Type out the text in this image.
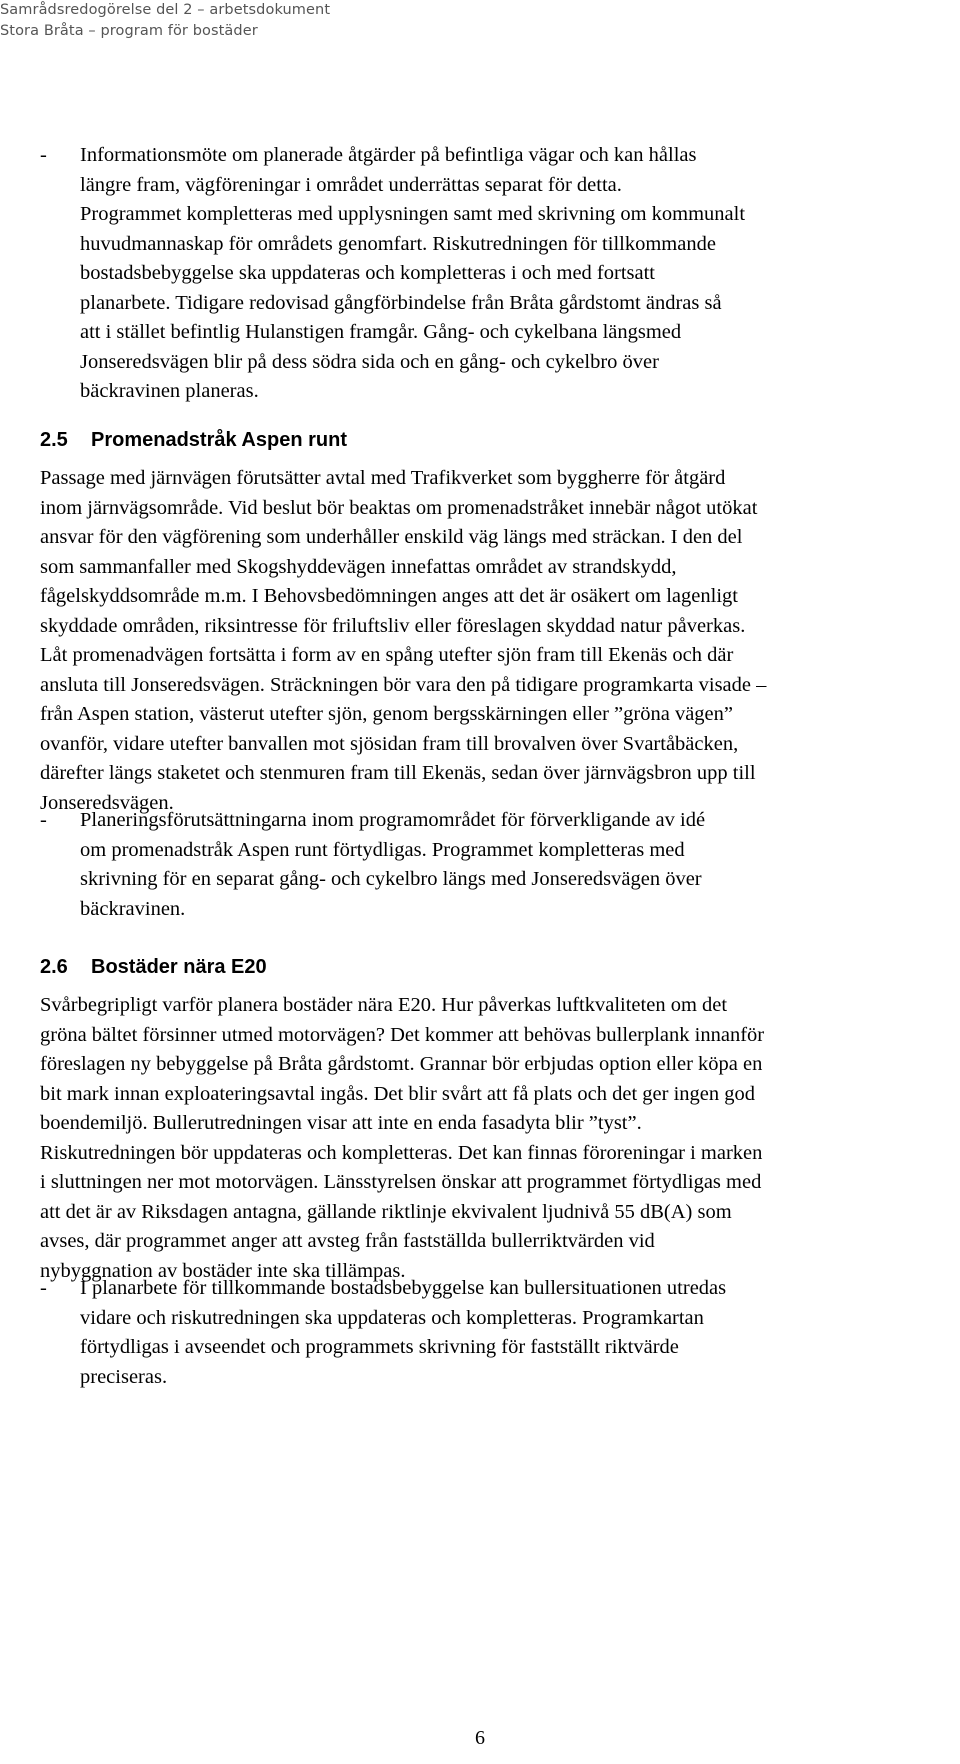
Samrådsredogörelse del 2 – arbetsdokument
Stora Bråta – program för bostäder
-	Informationsmöte om planerade åtgärder på befintliga vägar och kan hållas
längre fram, vägföreningar i området underrättas separat för detta.
Programmet kompletteras med upplysningen samt med skrivning om kommunalt
huvudmannaskap för områdets genomfart. Riskutredningen för tillkommande
bostadsbebyggelse ska uppdateras och kompletteras i och med fortsatt
planarbete. Tidigare redovisad gångförbindelse från Bråta gårdstomt ändras så
att i stället befintlig Hulanstigen framgår. Gång- och cykelbana längsmed
Jonseredsvägen blir på dess södra sida och en gång- och cykelbro över
bäckravinen planeras.
2.5 Promenadstråk Aspen runt
Passage med järnvägen förutsätter avtal med Trafikverket som byggherre för åtgärd
inom järnvägsområde. Vid beslut bör beaktas om promenadstråket innebär något utökat
ansvar för den vägförening som underhåller enskild väg längs med sträckan. I den del
som sammanfaller med Skogshyddevägen innefattas området av strandskydd,
fågelskyddsområde m.m. I Behovsbedömningen anges att det är osäkert om lagenligt
skyddade områden, riksintresse för friluftsliv eller föreslagen skyddad natur påverkas.
Låt promenadvägen fortsätta i form av en spång utefter sjön fram till Ekenäs och där
ansluta till Jonseredsvägen. Sträckningen bör vara den på tidigare programkarta visade –
från Aspen station, västerut utefter sjön, genom bergsskärningen eller ”gröna vägen”
ovanför, vidare utefter banvallen mot sjösidan fram till brovalven över Svartåbäcken,
därefter längs staketet och stenmuren fram till Ekenäs, sedan över järnvägsbron upp till
Jonseredsvägen.
-	Planeringsförutsättningarna inom programområdet för förverkligande av idé
om promenadstråk Aspen runt förtydligas. Programmet kompletteras med
skrivning för en separat gång- och cykelbro längs med Jonseredsvägen över
bäckravinen.
2.6 Bostäder nära E20
Svårbegripligt varför planera bostäder nära E20. Hur påverkas luftkvaliteten om det
gröna bältet försinner utmed motorvägen? Det kommer att behövas bullerplank innanför
föreslagen ny bebyggelse på Bråta gårdstomt. Grannar bör erbjudas option eller köpa en
bit mark innan exploateringsavtal ingås. Det blir svårt att få plats och det ger ingen god
boendemiljö. Bullerutredningen visar att inte en enda fasadyta blir ”tyst”.
Riskutredningen bör uppdateras och kompletteras. Det kan finnas föroreningar i marken
i sluttningen ner mot motorvägen. Länsstyrelsen önskar att programmet förtydligas med
att det är av Riksdagen antagna, gällande riktlinje ekvivalent ljudnivå 55 dB(A) som
avses, där programmet anger att avsteg från fastställda bullerriktvärden vid
nybyggnation av bostäder inte ska tillämpas.
-	I planarbete för tillkommande bostadsbebyggelse kan bullersituationen utredas
vidare och riskutredningen ska uppdateras och kompletteras. Programkartan
förtydligas i avseendet och programmets skrivning för fastställt riktvärde
preciseras.
6
